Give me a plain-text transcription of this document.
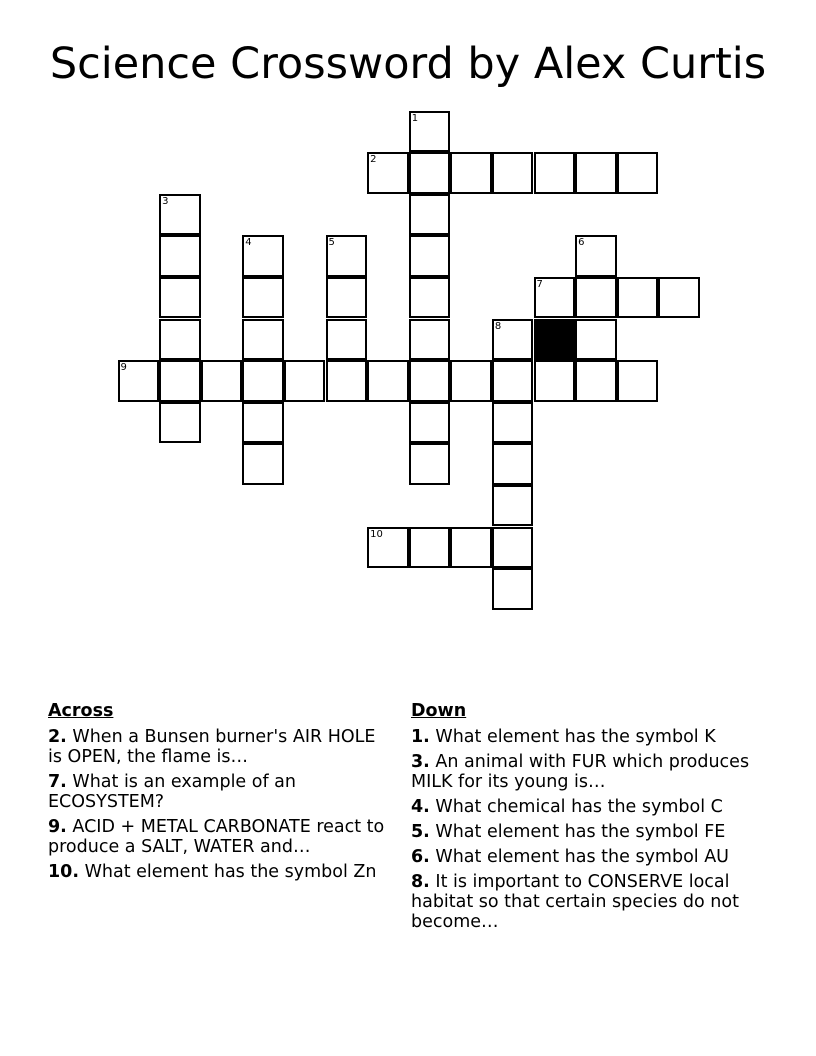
Science Crossword by Alex Curtis
1
2
3
4	5	6
7
8
9
10
Across
2. When a Bunsen burner's AIR HOLE is OPEN, the flame is…
7. What is an example of an ECOSYSTEM?
9. ACID + METAL CARBONATE react to produce a SALT, WATER and…
10. What element has the symbol Zn
Down
1. What element has the symbol K
3. An animal with FUR which produces MILK for its young is…
4. What chemical has the symbol C
5. What element has the symbol FE
6. What element has the symbol AU
8. It is important to CONSERVE local habitat so that certain species do not become…
